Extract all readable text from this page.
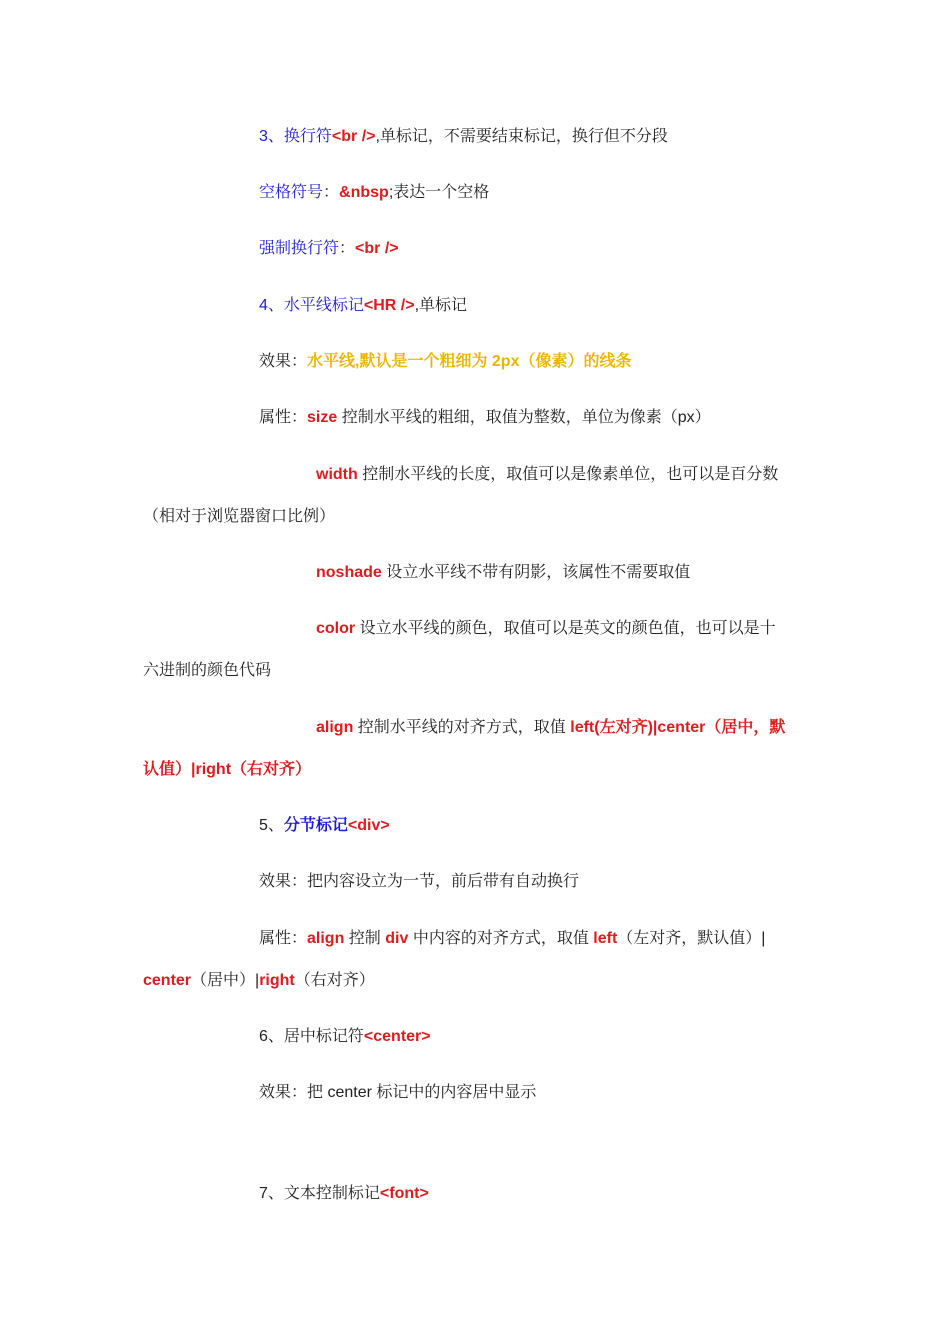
3、换行符<br />,单标记，不需要结束标记，换行但不分段
空格符号：&nbsp;表达一个空格
强制换行符：<br />
4、水平线标记<HR />,单标记
效果：水平线,默认是一个粗细为 2px（像素）的线条
属性：size 控制水平线的粗细，取值为整数，单位为像素（px）
width 控制水平线的长度，取值可以是像素单位，也可以是百分数
（相对于浏览器窗口比例）
noshade 设立水平线不带有阴影，该属性不需要取值
color 设立水平线的颜色，取值可以是英文的颜色值，也可以是十
六进制的颜色代码
align 控制水平线的对齐方式，取值 left(左对齐)|center（居中，默
认值）|right（右对齐）
5、分节标记<div>
效果：把内容设立为一节，前后带有自动换行
属性：align 控制 div 中内容的对齐方式，取值 left（左对齐，默认值）|
center（居中）|right（右对齐）
6、居中标记符<center>
效果：把 center 标记中的内容居中显示
7、文本控制标记<font>
